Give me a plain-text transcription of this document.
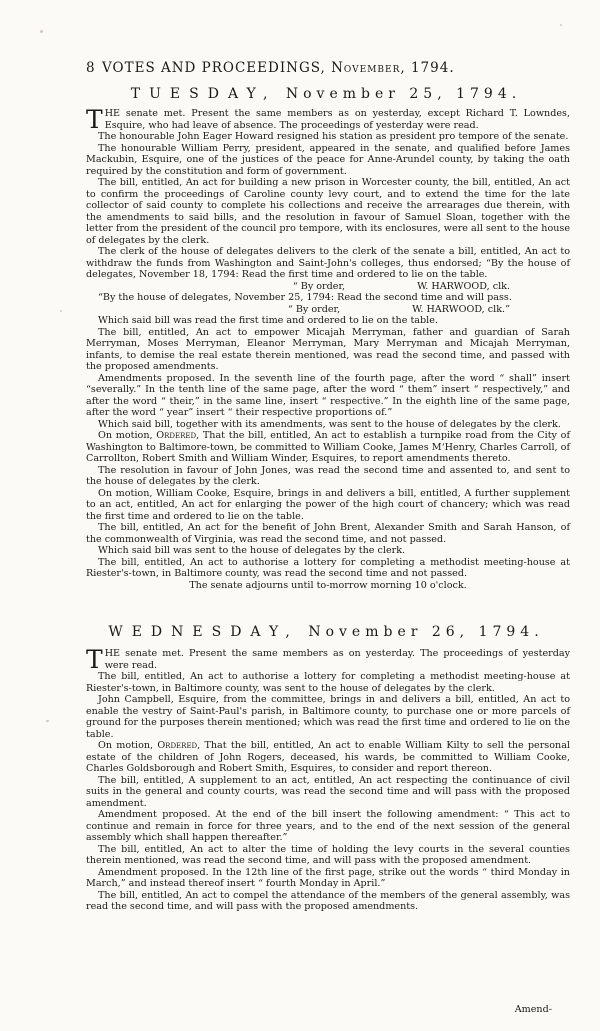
8 VOTES AND PROCEEDINGS, November, 1794.
TUESDAY, November 25, 1794.

THE senate met. Present the same members as on yesterday, except Richard T. Lowndes, Esquire, who had leave of absence. The proceedings of yesterday were read.

The honourable John Eager Howard resigned his station as president pro tempore of the senate.

The honourable William Perry, president, appeared in the senate, and qualified before James Mackubin, Esquire, one of the justices of the peace for Anne-Arundel county, by taking the oath required by the constitution and form of government.

The bill, entitled, An act for building a new prison in Worcester county, the bill, entitled, An act to confirm the proceedings of Caroline county levy court, and to extend the time for the late collector of said county to complete his collections and receive the arrearages due therein, with the amendments to said bills, and the resolution in favour of Samuel Sloan, together with the letter from the president of the council pro tempore, with its enclosures, were all sent to the house of delegates by the clerk.

The clerk of the house of delegates delivers to the clerk of the senate a bill, entitled, An act to withdraw the funds from Washington and Saint-John's colleges, thus endorsed; “By the house of delegates, November 18, 1794: Read the first time and ordered to lie on the table.

“ By order,	W. HARWOOD, clk.

“By the house of delegates, November 25, 1794: Read the second time and will pass.

“ By order,	W. HARWOOD, clk.”

Which said bill was read the first time and ordered to lie on the table.

The bill, entitled, An act to empower Micajah Merryman, father and guardian of Sarah Merryman, Moses Merryman, Eleanor Merryman, Mary Merryman and Micajah Merryman, infants, to demise the real estate therein mentioned, was read the second time, and passed with the proposed amendments.

Amendments proposed. In the seventh line of the fourth page, after the word “ shall” insert “severally.” In the tenth line of the same page, after the word “ them” insert “ respectively,” and after the word “ their,” in the same line, insert “ respective.” In the eighth line of the same page, after the word “ year” insert “ their respective proportions of.”

Which said bill, together with its amendments, was sent to the house of delegates by the clerk.

On motion, Ordered, That the bill, entitled, An act to establish a turnpike road from the City of Washington to Baltimore-town, be committed to William Cooke, James M‘Henry, Charles Carroll, of Carrollton, Robert Smith and William Winder, Esquires, to report amendments thereto.

The resolution in favour of John Jones, was read the second time and assented to, and sent to the house of delegates by the clerk.

On motion, William Cooke, Esquire, brings in and delivers a bill, entitled, A further supplement to an act, entitled, An act for enlarging the power of the high court of chancery; which was read the first time and ordered to lie on the table.

The bill, entitled, An act for the benefit of John Brent, Alexander Smith and Sarah Hanson, of the commonwealth of Virginia, was read the second time, and not passed.

Which said bill was sent to the house of delegates by the clerk.

The bill, entitled, An act to authorise a lottery for completing a methodist meeting-house at Riester's-town, in Baltimore county, was read the second time and not passed.

The senate adjourns until to-morrow morning 10 o'clock.

WEDNESDAY, November 26, 1794.

THE senate met. Present the same members as on yesterday. The proceedings of yesterday were read.

The bill, entitled, An act to authorise a lottery for completing a methodist meeting-house at Riester's-town, in Baltimore county, was sent to the house of delegates by the clerk.

John Campbell, Esquire, from the committee, brings in and delivers a bill, entitled, An act to enable the vestry of Saint-Paul's parish, in Baltimore county, to purchase one or more parcels of ground for the purposes therein mentioned; which was read the first time and ordered to lie on the table.

On motion, Ordered, That the bill, entitled, An act to enable William Kilty to sell the personal estate of the children of John Rogers, deceased, his wards, be committed to William Cooke, Charles Goldsborough and Robert Smith, Esquires, to consider and report thereon.

The bill, entitled, A supplement to an act, entitled, An act respecting the continuance of civil suits in the general and county courts, was read the second time and will pass with the proposed amendment.

Amendment proposed. At the end of the bill insert the following amendment: “ This act to continue and remain in force for three years, and to the end of the next session of the general assembly which shall happen thereafter.”

The bill, entitled, An act to alter the time of holding the levy courts in the several counties therein mentioned, was read the second time, and will pass with the proposed amendment.

Amendment proposed. In the 12th line of the first page, strike out the words “ third Monday in March,” and instead thereof insert “ fourth Monday in April.”

The bill, entitled, An act to compel the attendance of the members of the general assembly, was read the second time, and will pass with the proposed amendments.

Amend-
